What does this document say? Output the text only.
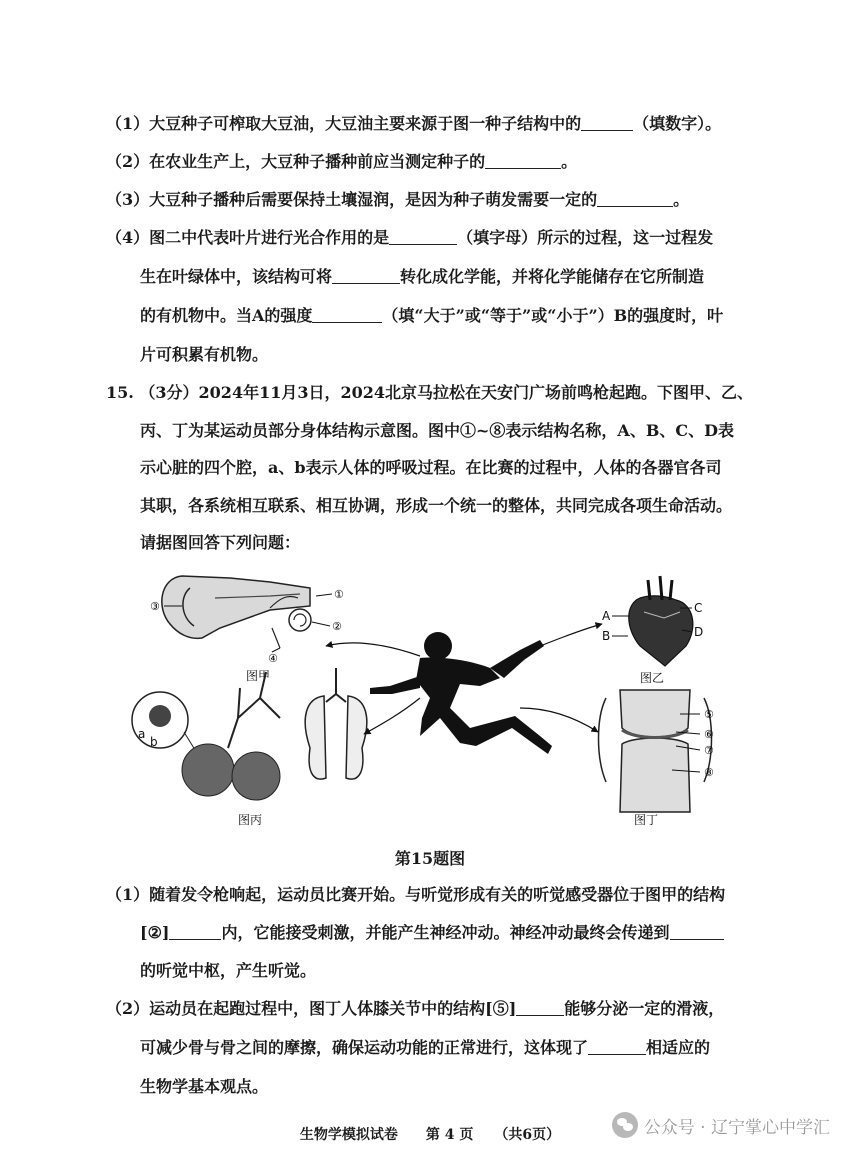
（1）大豆种子可榨取大豆油，大豆油主要来源于图一种子结构中的	（填数字）。
（2）在农业生产上，大豆种子播种前应当测定种子的	。
（3）大豆种子播种后需要保持土壤湿润，是因为种子萌发需要一定的	。
（4）图二中代表叶片进行光合作用的是	（填字母）所示的过程，这一过程发
生在叶绿体中，该结构可将	转化成化学能，并将化学能储存在它所制造
的有机物中。当A的强度	（填“大于”或“等于”或“小于”）B的强度时，叶
片可积累有机物。
15. （3分）2024年11月3日，2024北京马拉松在天安门广场前鸣枪起跑。下图甲、乙、
丙、丁为某运动员部分身体结构示意图。图中①~⑧表示结构名称，A、B、C、D表
示心脏的四个腔，a、b表示人体的呼吸过程。在比赛的过程中，人体的各器官各司
其职，各系统相互联系、相互协调，形成一个统一的整体，共同完成各项生命活动。
请据图回答下列问题：
③
①
②
④
图甲
A
B
C
D
图乙
a
b
图丙
⑤
⑥
⑦
⑧
图丁
第15题图
（1）随着发令枪响起，运动员比赛开始。与听觉形成有关的听觉感受器位于图甲的结构
[②]	内，它能接受刺激，并能产生神经冲动。神经冲动最终会传递到
的听觉中枢，产生听觉。
（2）运动员在起跑过程中，图丁人体膝关节中的结构[⑤]	能够分泌一定的滑液，
可减少骨与骨之间的摩擦，确保运动功能的正常进行，这体现了	相适应的
生物学基本观点。
生物学模拟试卷　　第 4 页　　（共6页）	公众号 · 辽宁掌心中学汇
